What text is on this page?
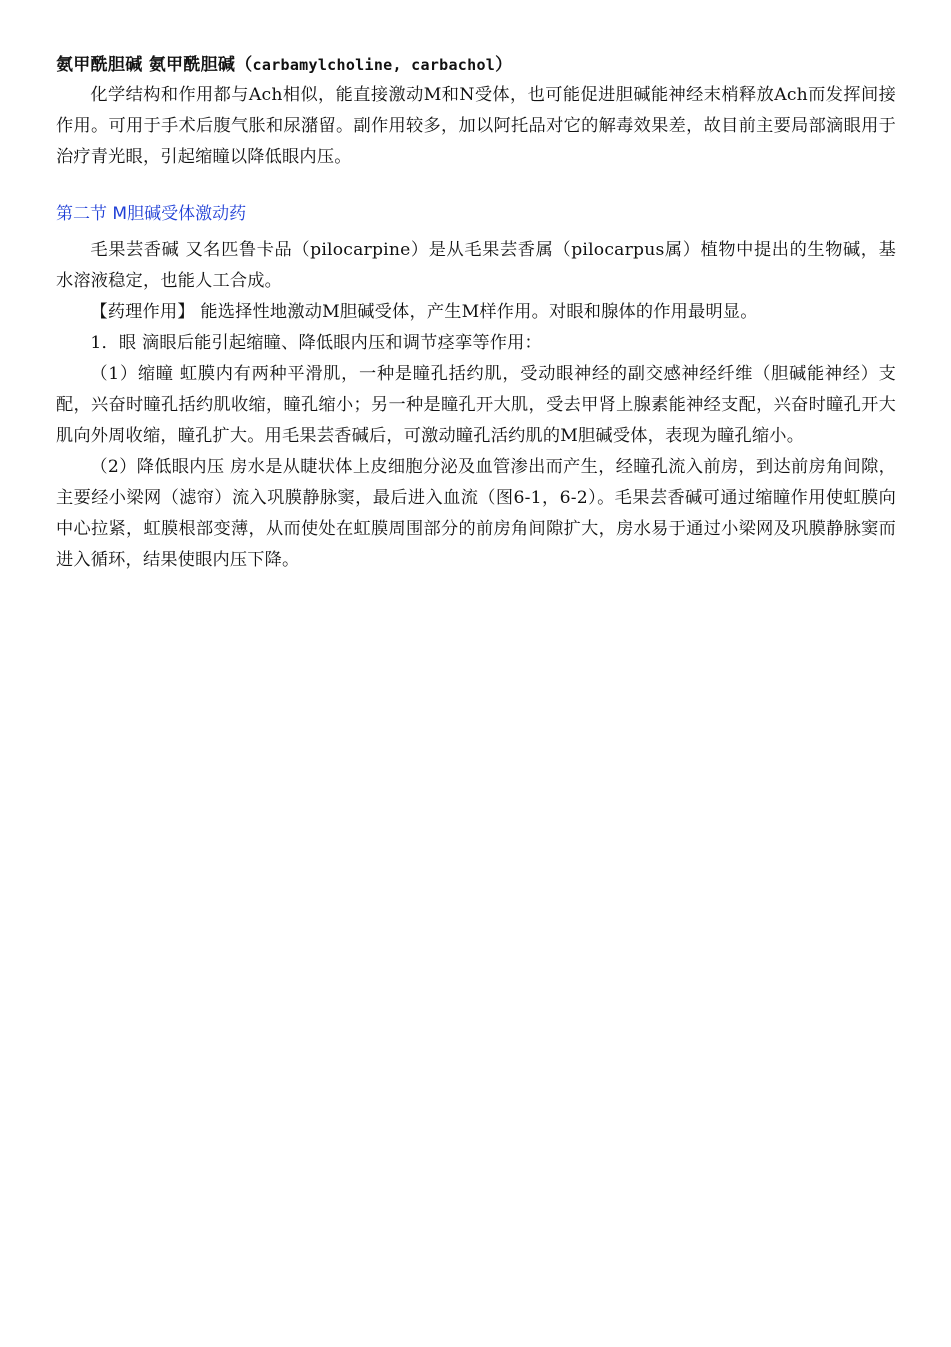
氨甲酰胆碱 氨甲酰胆碱（carbamylcholine, carbachol）

化学结构和作用都与Ach相似，能直接激动M和N受体，也可能促进胆碱能神经末梢释放Ach而发挥间接作用。可用于手术后腹气胀和尿潴留。副作用较多，加以阿托品对它的解毒效果差，故目前主要局部滴眼用于治疗青光眼，引起缩瞳以降低眼内压。

第二节 M胆碱受体激动药

毛果芸香碱 又名匹鲁卡品（pilocarpine）是从毛果芸香属（pilocarpus属）植物中提出的生物碱，基水溶液稳定，也能人工合成。

【药理作用】 能选择性地激动M胆碱受体，产生M样作用。对眼和腺体的作用最明显。

1．眼 滴眼后能引起缩瞳、降低眼内压和调节痉挛等作用：

（1）缩瞳 虹膜内有两种平滑肌，一种是瞳孔括约肌，受动眼神经的副交感神经纤维（胆碱能神经）支配，兴奋时瞳孔括约肌收缩，瞳孔缩小；另一种是瞳孔开大肌，受去甲肾上腺素能神经支配，兴奋时瞳孔开大肌向外周收缩，瞳孔扩大。用毛果芸香碱后，可激动瞳孔活约肌的M胆碱受体，表现为瞳孔缩小。

（2）降低眼内压 房水是从睫状体上皮细胞分泌及血管渗出而产生，经瞳孔流入前房，到达前房角间隙，主要经小梁网（滤帘）流入巩膜静脉窦，最后进入血流（图6-1，6-2）。毛果芸香碱可通过缩瞳作用使虹膜向中心拉紧，虹膜根部变薄，从而使处在虹膜周围部分的前房角间隙扩大，房水易于通过小梁网及巩膜静脉窦而进入循环，结果使眼内压下降。
